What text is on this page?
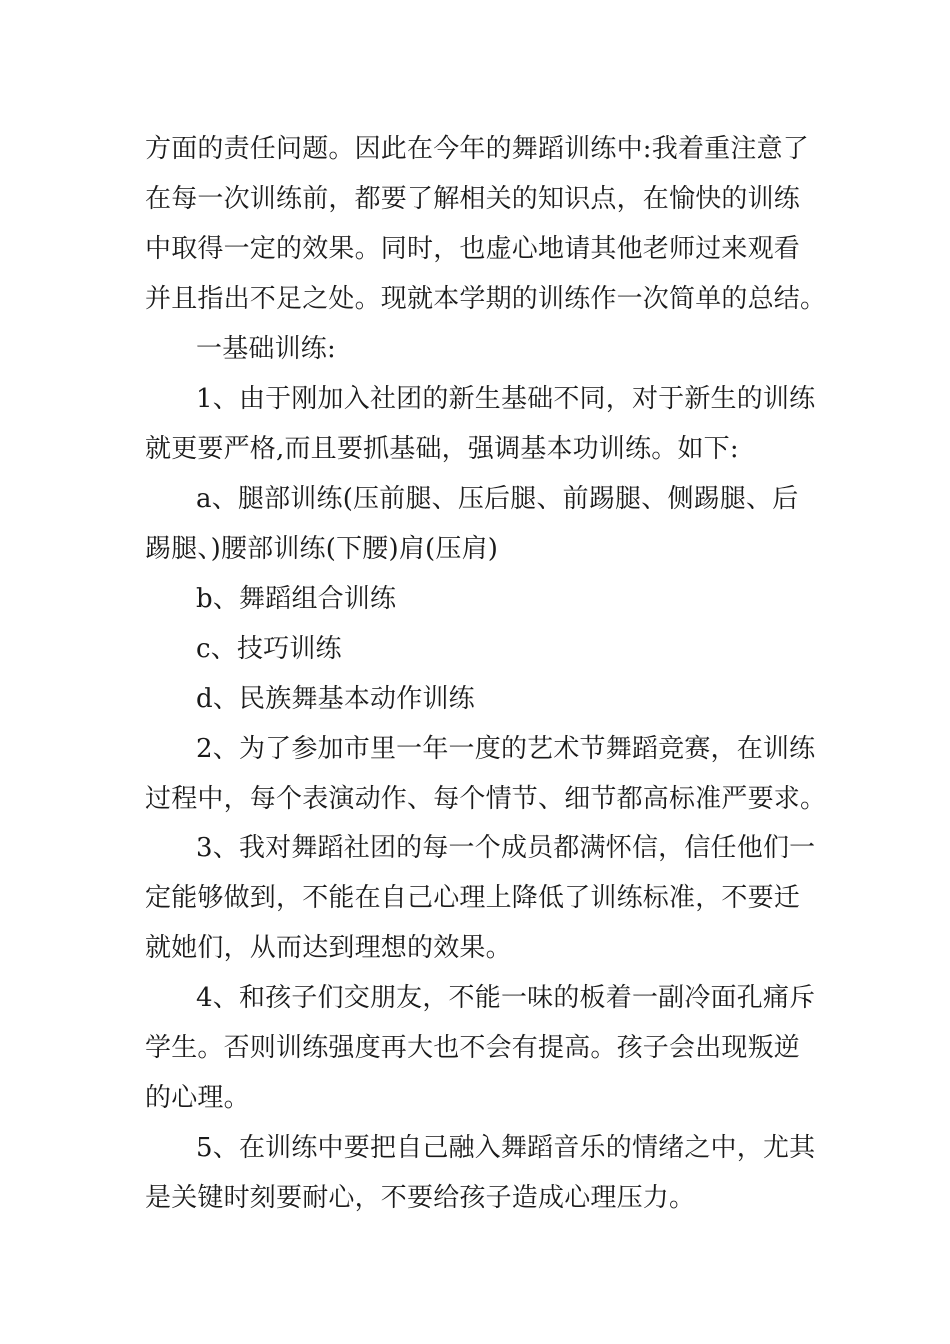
方面的责任问题。因此在今年的舞蹈训练中:我着重注意了
在每一次训练前，都要了解相关的知识点，在愉快的训练
中取得一定的效果。同时，也虚心地请其他老师过来观看
并且指出不足之处。现就本学期的训练作一次简单的总结。
一基础训练:
1、由于刚加入社团的新生基础不同，对于新生的训练
就更要严格,而且要抓基础，强调基本功训练。如下:
a、腿部训练(压前腿、压后腿、前踢腿、侧踢腿、后
踢腿、)腰部训练(下腰)肩(压肩)
b、舞蹈组合训练
c、技巧训练
d、民族舞基本动作训练
2、为了参加市里一年一度的艺术节舞蹈竞赛，在训练
过程中，每个表演动作、每个情节、细节都高标准严要求。
3、我对舞蹈社团的每一个成员都满怀信，信任他们一
定能够做到，不能在自己心理上降低了训练标准，不要迁
就她们，从而达到理想的效果。
4、和孩子们交朋友，不能一味的板着一副冷面孔痛斥
学生。否则训练强度再大也不会有提高。孩子会出现叛逆
的心理。
5、在训练中要把自己融入舞蹈音乐的情绪之中，尤其
是关键时刻要耐心，不要给孩子造成心理压力。
